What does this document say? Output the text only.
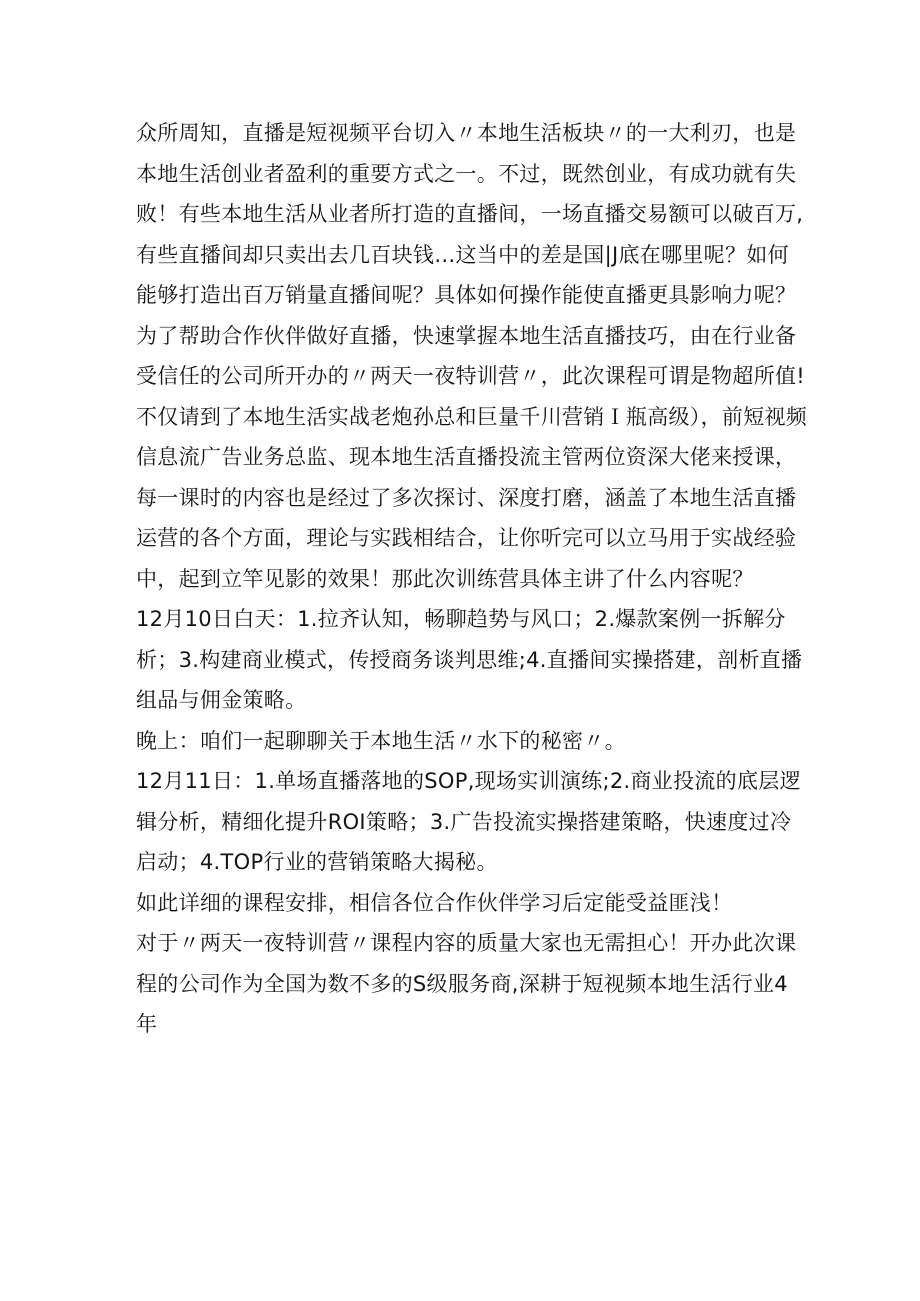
众所周知，直播是短视频平台切入〃本地生活板块〃的一大利刃，也是本地生活创业者盈利的重要方式之一。不过，既然创业，有成功就有失败！有些本地生活从业者所打造的直播间，一场直播交易额可以破百万,有些直播间却只卖出去几百块钱…这当中的差是国|J底在哪里呢？如何能够打造出百万销量直播间呢？具体如何操作能使直播更具影响力呢？

为了帮助合作伙伴做好直播，快速掌握本地生活直播技巧，由在行业备受信任的公司所开办的〃两天一夜特训营〃，此次课程可谓是物超所值!不仅请到了本地生活实战老炮孙总和巨量千川营销Ｉ瓶高级），前短视频信息流广告业务总监、现本地生活直播投流主管两位资深大佬来授课，每一课时的内容也是经过了多次探讨、深度打磨，涵盖了本地生活直播运营的各个方面，理论与实践相结合，让你听完可以立马用于实战经验中，起到立竿见影的效果！那此次训练营具体主讲了什么内容呢？

12月10日白天：1.拉齐认知，畅聊趋势与风口；2.爆款案例一拆解分析；3.构建商业模式，传授商务谈判思维;4.直播间实操搭建，剖析直播组品与佣金策略。

晚上：咱们一起聊聊关于本地生活〃水下的秘密〃。

12月11日：1.单场直播落地的SOP,现场实训演练;2.商业投流的底层逻辑分析，精细化提升ROI策略；3.广告投流实操搭建策略，快速度过冷启动；4.TOP行业的营销策略大揭秘。

如此详细的课程安排，相信各位合作伙伴学习后定能受益匪浅！

对于〃两天一夜特训营〃课程内容的质量大家也无需担心！开办此次课程的公司作为全国为数不多的S级服务商,深耕于短视频本地生活行业4年
